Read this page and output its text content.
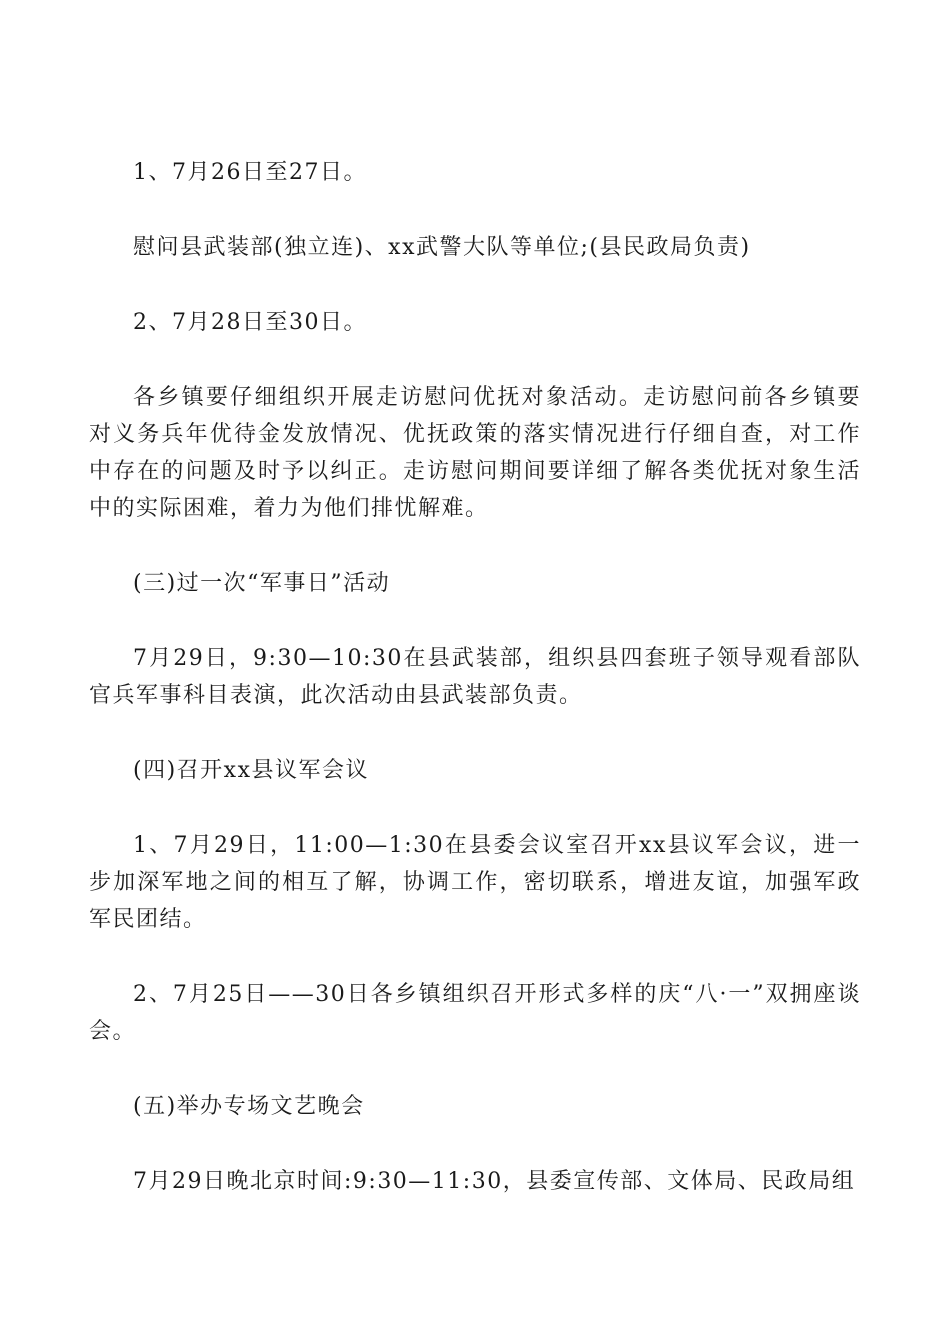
1、7月26日至27日。

慰问县武装部(独立连)、xx武警大队等单位;(县民政局负责)

2、7月28日至30日。

各乡镇要仔细组织开展走访慰问优抚对象活动。走访慰问前各乡镇要对义务兵年优待金发放情况、优抚政策的落实情况进行仔细自查，对工作中存在的问题及时予以纠正。走访慰问期间要详细了解各类优抚对象生活中的实际困难，着力为他们排忧解难。

(三)过一次“军事日”活动

7月29日，9:30—10:30在县武装部，组织县四套班子领导观看部队官兵军事科目表演，此次活动由县武装部负责。

(四)召开xx县议军会议

1、7月29日，11:00—1:30在县委会议室召开xx县议军会议，进一步加深军地之间的相互了解，协调工作，密切联系，增进友谊，加强军政军民团结。

2、7月25日——30日各乡镇组织召开形式多样的庆“八·一”双拥座谈会。

(五)举办专场文艺晚会

7月29日晚北京时间:9:30—11:30，县委宣传部、文体局、民政局组
